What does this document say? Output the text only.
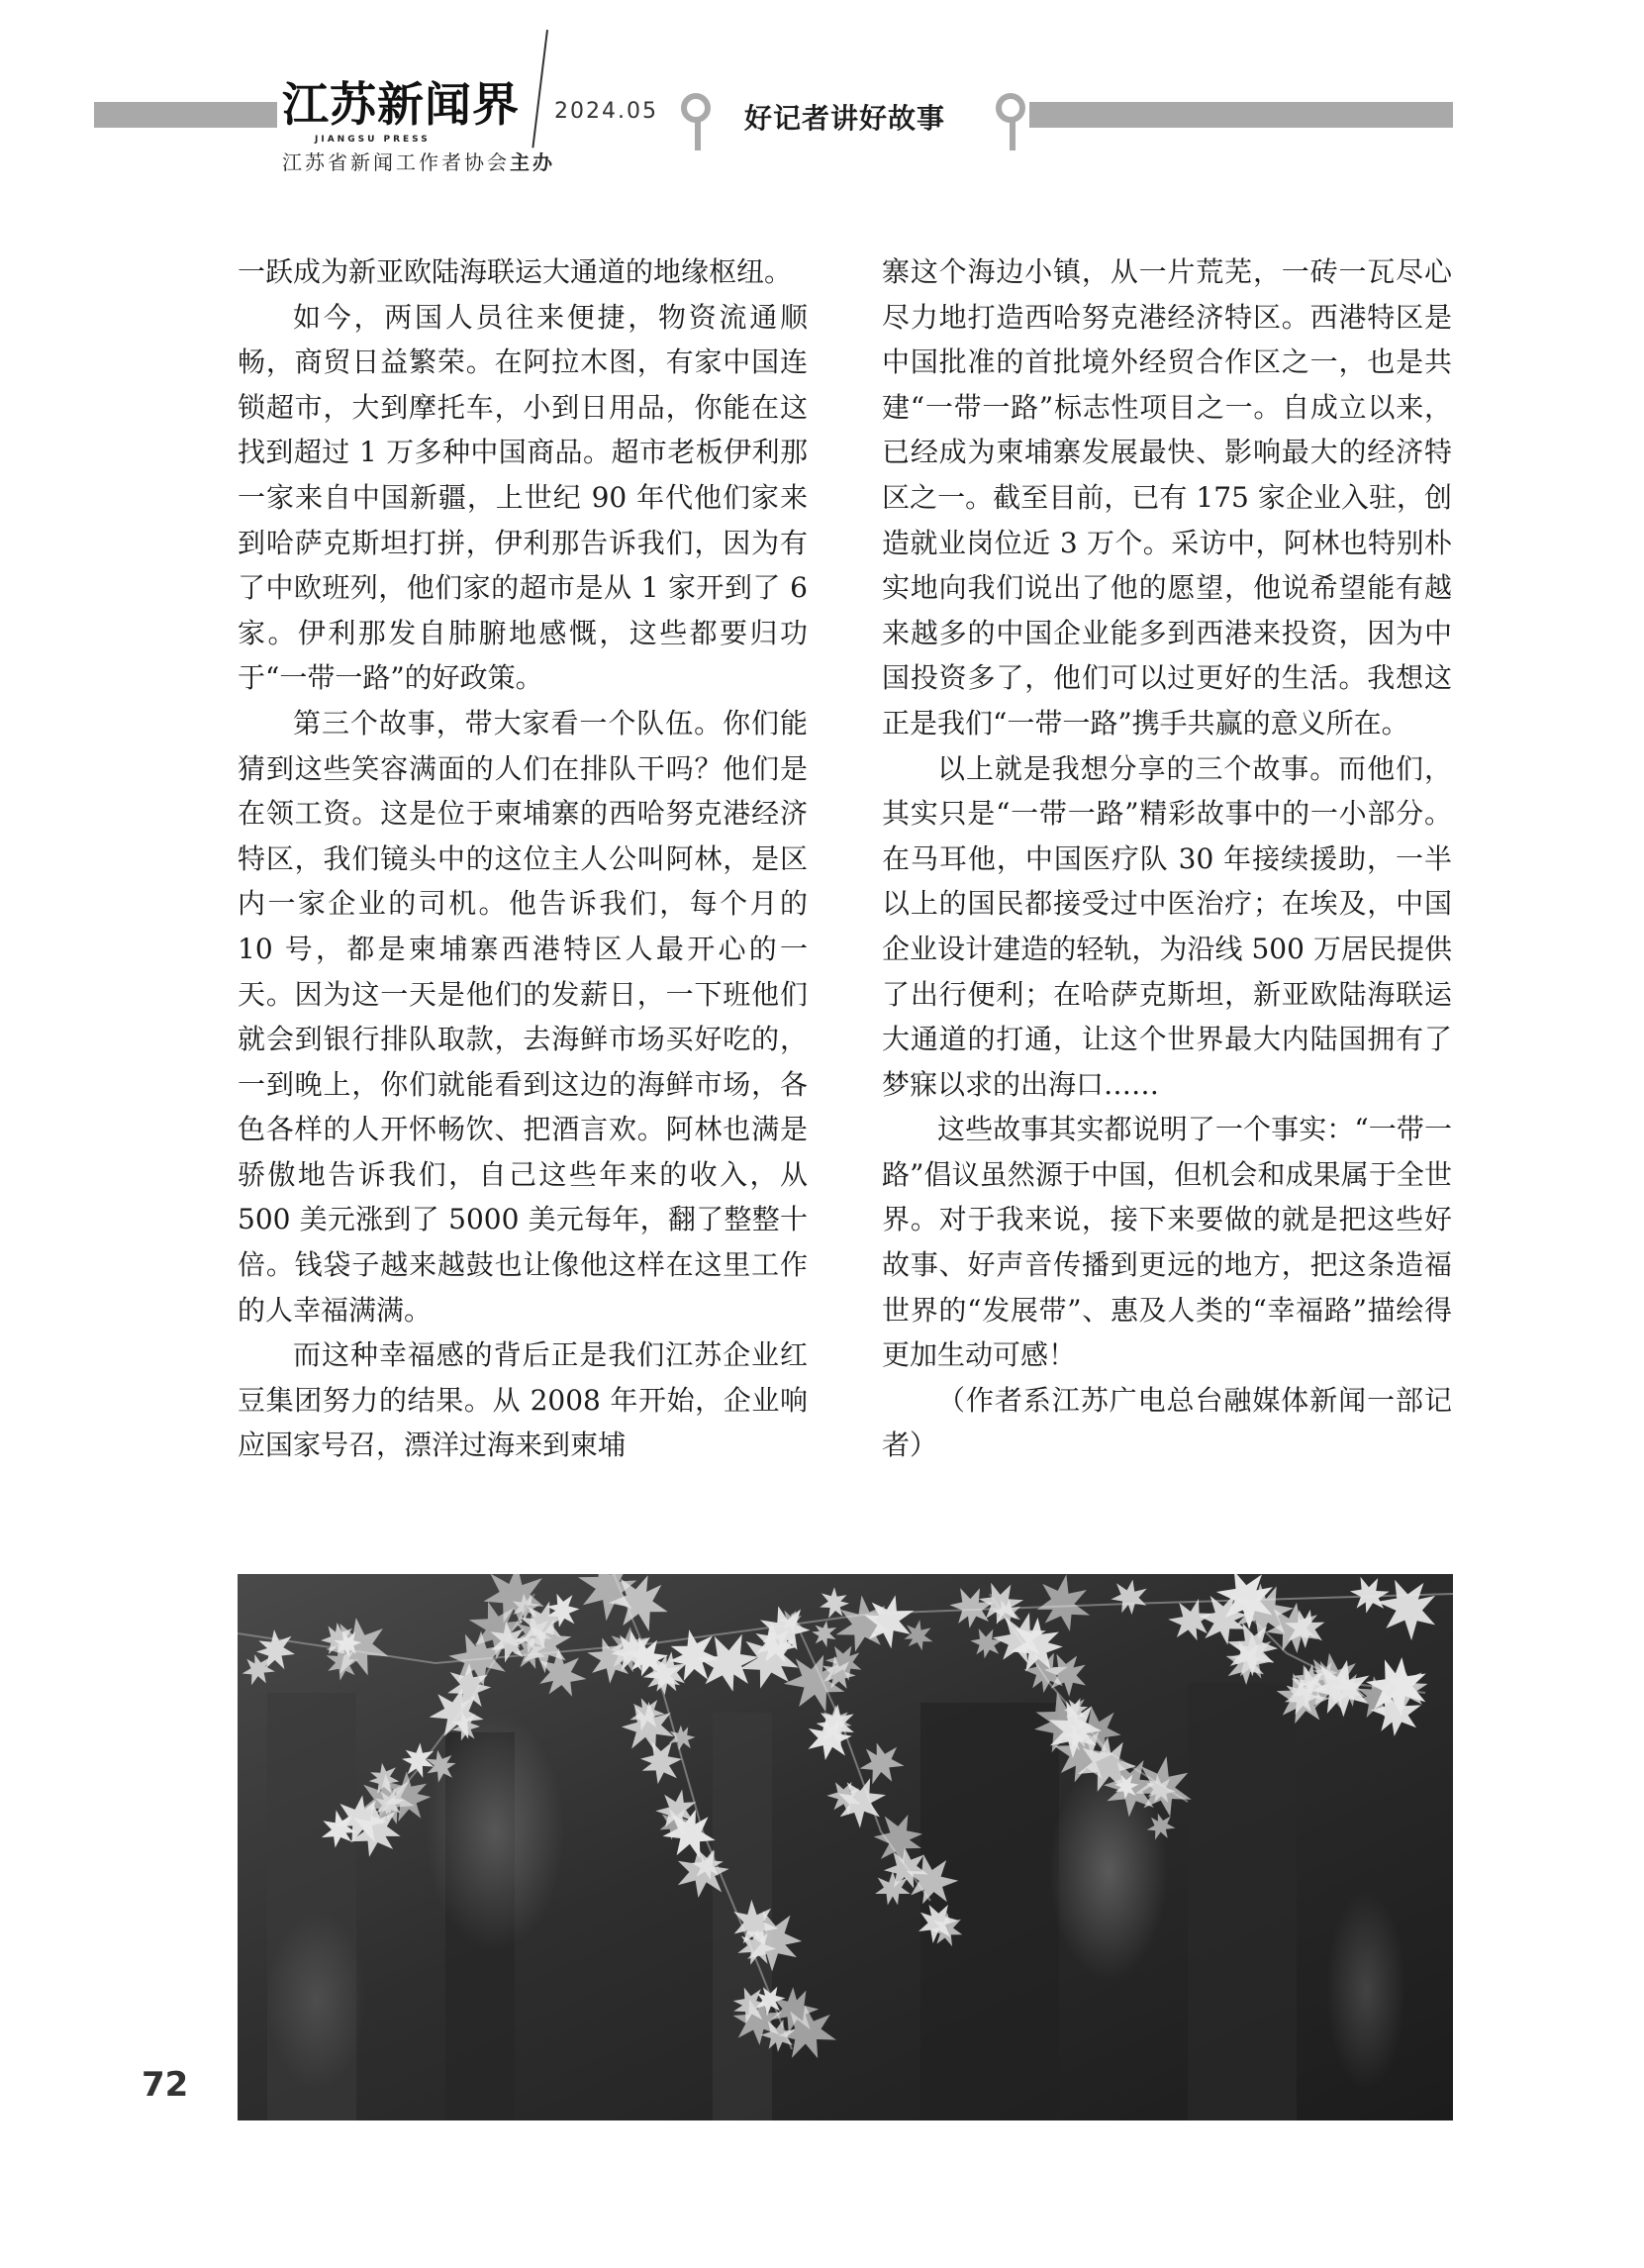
江苏新闻界
JIANGSU PRESS
2024.05
江苏省新闻工作者协会主办
好记者讲好故事

一跃成为新亚欧陆海联运大通道的地缘枢纽。

如今，两国人员往来便捷，物资流通顺畅，商贸日益繁荣。在阿拉木图，有家中国连锁超市，大到摩托车，小到日用品，你能在这找到超过 1 万多种中国商品。超市老板伊利那一家来自中国新疆，上世纪 90 年代他们家来到哈萨克斯坦打拼，伊利那告诉我们，因为有了中欧班列，他们家的超市是从 1 家开到了 6 家。伊利那发自肺腑地感慨，这些都要归功于“一带一路”的好政策。

第三个故事，带大家看一个队伍。你们能猜到这些笑容满面的人们在排队干吗？他们是在领工资。这是位于柬埔寨的西哈努克港经济特区，我们镜头中的这位主人公叫阿林，是区内一家企业的司机。他告诉我们，每个月的 10 号，都是柬埔寨西港特区人最开心的一天。因为这一天是他们的发薪日，一下班他们就会到银行排队取款，去海鲜市场买好吃的，一到晚上，你们就能看到这边的海鲜市场，各色各样的人开怀畅饮、把酒言欢。阿林也满是骄傲地告诉我们，自己这些年来的收入，从 500 美元涨到了 5000 美元每年，翻了整整十倍。钱袋子越来越鼓也让像他这样在这里工作的人幸福满满。

而这种幸福感的背后正是我们江苏企业红豆集团努力的结果。从 2008 年开始，企业响应国家号召，漂洋过海来到柬埔

寨这个海边小镇，从一片荒芜，一砖一瓦尽心尽力地打造西哈努克港经济特区。西港特区是中国批准的首批境外经贸合作区之一，也是共建“一带一路”标志性项目之一。自成立以来，已经成为柬埔寨发展最快、影响最大的经济特区之一。截至目前，已有 175 家企业入驻，创造就业岗位近 3 万个。采访中，阿林也特别朴实地向我们说出了他的愿望，他说希望能有越来越多的中国企业能多到西港来投资，因为中国投资多了，他们可以过更好的生活。我想这正是我们“一带一路”携手共赢的意义所在。

以上就是我想分享的三个故事。而他们，其实只是“一带一路”精彩故事中的一小部分。在马耳他，中国医疗队 30 年接续援助，一半以上的国民都接受过中医治疗；在埃及，中国企业设计建造的轻轨，为沿线 500 万居民提供了出行便利；在哈萨克斯坦，新亚欧陆海联运大通道的打通，让这个世界最大内陆国拥有了梦寐以求的出海口……

这些故事其实都说明了一个事实：“一带一路”倡议虽然源于中国，但机会和成果属于全世界。对于我来说，接下来要做的就是把这些好故事、好声音传播到更远的地方，把这条造福世界的“发展带”、惠及人类的“幸福路”描绘得更加生动可感！

（作者系江苏广电总台融媒体新闻一部记者）

72
